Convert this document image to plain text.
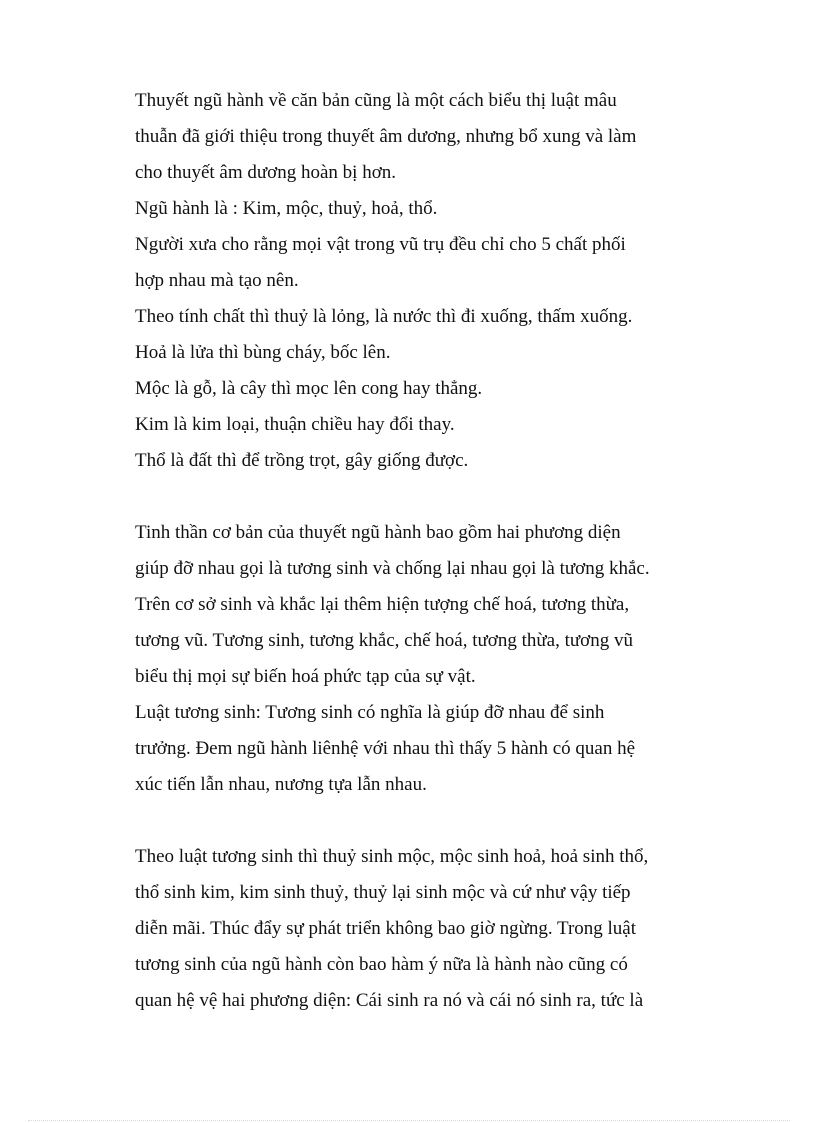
Thuyết ngũ hành về căn bản cũng là một cách biểu thị luật mâu
thuẫn đã giới thiệu trong thuyết âm dương, nhưng bổ xung và làm
cho thuyết âm dương hoàn bị hơn.
Ngũ hành là : Kim, mộc, thuỷ, hoả, thổ.
Người xưa cho rằng mọi vật trong vũ trụ đều chỉ cho 5 chất phối
hợp nhau mà tạo nên.
Theo tính chất thì thuỷ là lỏng, là nước thì đi xuống, thấm xuống.
Hoả là lửa thì bùng cháy, bốc lên.
Mộc là gỗ, là cây thì mọc lên cong hay thẳng.
Kim là kim loại, thuận chiều hay đổi thay.
Thổ là đất thì để trồng trọt, gây giống được.
Tinh thần cơ bản của thuyết ngũ hành bao gồm hai phương diện
giúp đỡ nhau gọi là tương sinh và chống lại nhau gọi là tương khắc.
Trên cơ sở sinh và khắc lại thêm hiện tượng chế hoá, tương thừa,
tương vũ. Tương sinh, tương khắc, chế hoá, tương thừa, tương vũ
biểu thị mọi sự biến hoá phức tạp của sự vật.
Luật tương sinh: Tương sinh có nghĩa là giúp đỡ nhau để sinh
trưởng. Đem ngũ hành liênhệ với nhau thì thấy 5 hành có quan hệ
xúc tiến lẫn nhau, nương tựa lẫn nhau.
Theo luật tương sinh thì thuỷ sinh mộc, mộc sinh hoả, hoả sinh thổ,
thổ sinh kim, kim sinh thuỷ, thuỷ lại sinh mộc và cứ như vậy tiếp
diễn mãi. Thúc đẩy sự phát triển không bao giờ ngừng. Trong luật
tương sinh của ngũ hành còn bao hàm ý nữa là hành nào cũng có
quan hệ vệ hai phương diện: Cái sinh ra nó và cái nó sinh ra, tức là
